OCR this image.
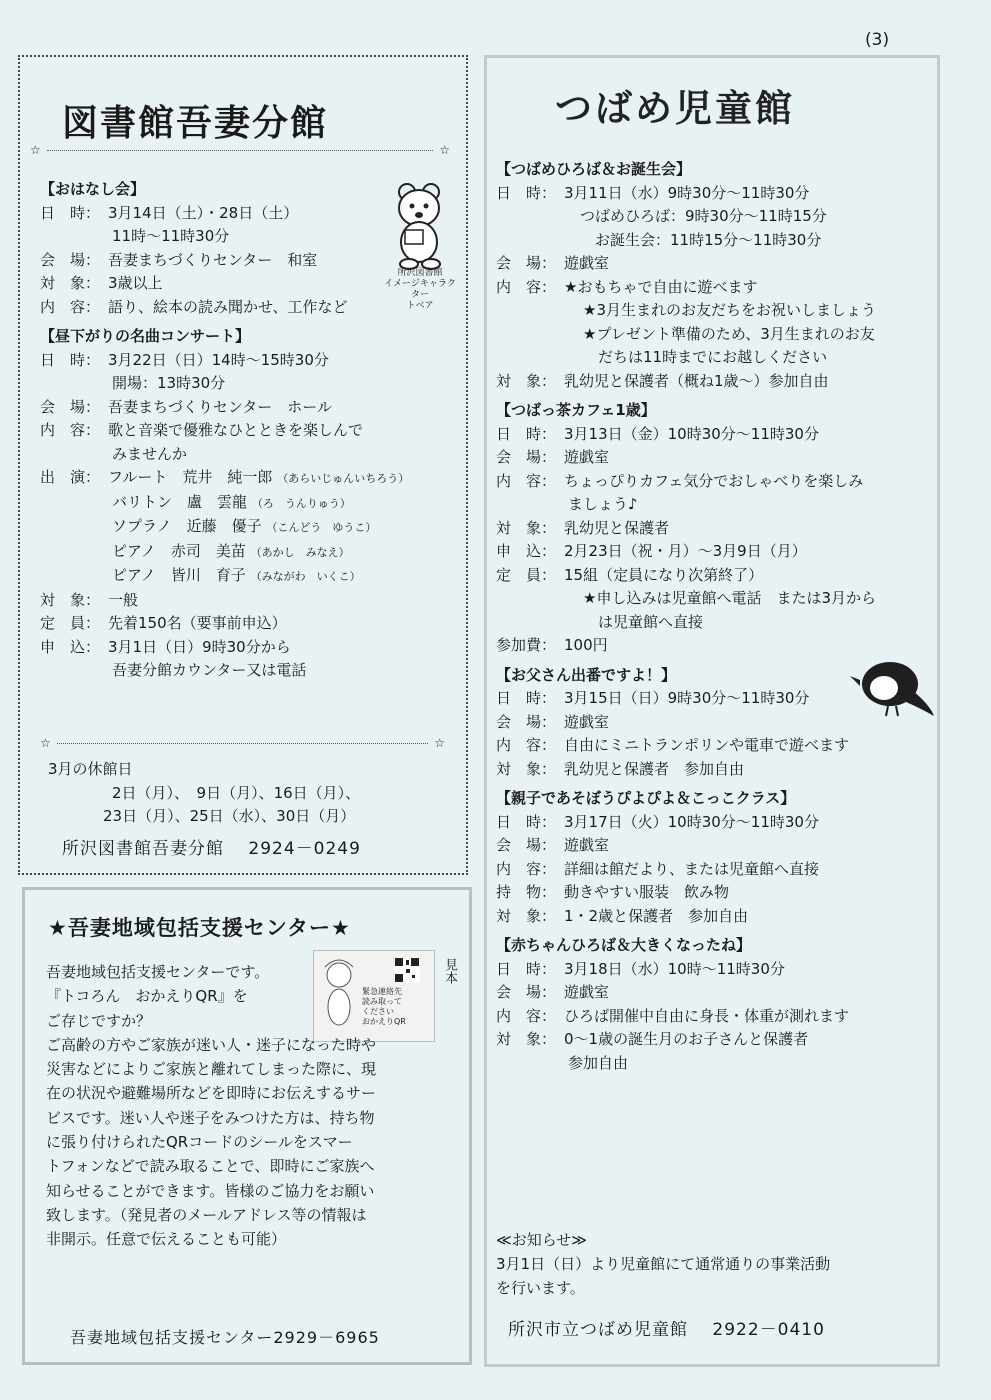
(3)
図書館吾妻分館
☆	☆
所沢図書館
イメージキャラクター
トベア
【おはなし会】
日　時： 3月14日（土）・28日（土）
11時～11時30分
会　場： 吾妻まちづくりセンター　和室
対　象： 3歳以上
内　容： 語り、絵本の読み聞かせ、工作など
【昼下がりの名曲コンサート】
日　時： 3月22日（日）14時～15時30分
開場：13時30分
会　場： 吾妻まちづくりセンター　ホール
内　容： 歌と音楽で優雅なひとときを楽しんで
みませんか
出　演： フルート　 荒井　純一郎 （あらいじゅんいちろう）
バリトン　 盧　雲龍 （ろ　うんりゅう）
ソプラノ　 近藤　優子 （こんどう　ゆうこ）
ピアノ　 赤司　美苗 （あかし　みなえ）
ピアノ　 皆川　育子 （みながわ　いくこ）
対　象： 一般
定　員： 先着150名（要事前申込）
申　込： 3月1日（日）9時30分から
吾妻分館カウンター又は電話
☆	☆
3月の休館日
2日（月）、　9日（月）、16日（月）、
23日（月）、25日（水）、30日（月）
所沢図書館吾妻分館　 2924－0249
★吾妻地域包括支援センター★
緊急連絡先
読み取って
ください
おかえりQR
見本
吾妻地域包括支援センターです。
『トコろん　おかえりQR』を
ご存じですか？
ご高齢の方やご家族が迷い人・迷子になった時や
災害などによりご家族と離れてしまった際に、現
在の状況や避難場所などを即時にお伝えするサー
ビスです。迷い人や迷子をみつけた方は、持ち物
に張り付けられたQRコードのシールをスマー
トフォンなどで読み取ることで、即時にご家族へ
知らせることができます。皆様のご協力をお願い
致します。（発見者のメールアドレス等の情報は
非開示。任意で伝えることも可能）
吾妻地域包括支援センター2929－6965
つばめ児童館
【つばめひろば＆お誕生会】
日　時： 3月11日（水）9時30分～11時30分
つばめひろば：9時30分～11時15分
　お誕生会：11時15分～11時30分
会　場： 遊戯室
内　容： ★おもちゃで自由に遊べます
　★3月生まれのお友だちをお祝いしましょう
　★プレゼント準備のため、3月生まれのお友
　　だちは11時までにお越しください
対　象： 乳幼児と保護者（概ね1歳～）参加自由
【つばっ茶カフェ1歳】
日　時： 3月13日（金）10時30分～11時30分
会　場： 遊戯室
内　容： ちょっぴりカフェ気分でおしゃべりを楽しみ
ましょう♪
対　象： 乳幼児と保護者
申　込： 2月23日（祝・月）～3月9日（月）
定　員： 15組（定員になり次第終了）
　★申し込みは児童館へ電話　または3月から
　　は児童館へ直接
参加費： 100円
【お父さん出番ですよ！】
日　時： 3月15日（日）9時30分～11時30分
会　場： 遊戯室
内　容： 自由にミニトランポリンや電車で遊べます
対　象： 乳幼児と保護者　参加自由
【親子であそぼうぴよぴよ＆こっこクラス】
日　時： 3月17日（火）10時30分～11時30分
会　場： 遊戯室
内　容： 詳細は館だより、または児童館へ直接
持　物： 動きやすい服装　飲み物
対　象： 1・2歳と保護者　参加自由
【赤ちゃんひろば＆大きくなったね】
日　時： 3月18日（水）10時～11時30分
会　場： 遊戯室
内　容： ひろば開催中自由に身長・体重が測れます
対　象： 0～1歳の誕生月のお子さんと保護者
参加自由
≪お知らせ≫
3月1日（日）より児童館にて通常通りの事業活動
を行います。
所沢市立つばめ児童館　 2922－0410
